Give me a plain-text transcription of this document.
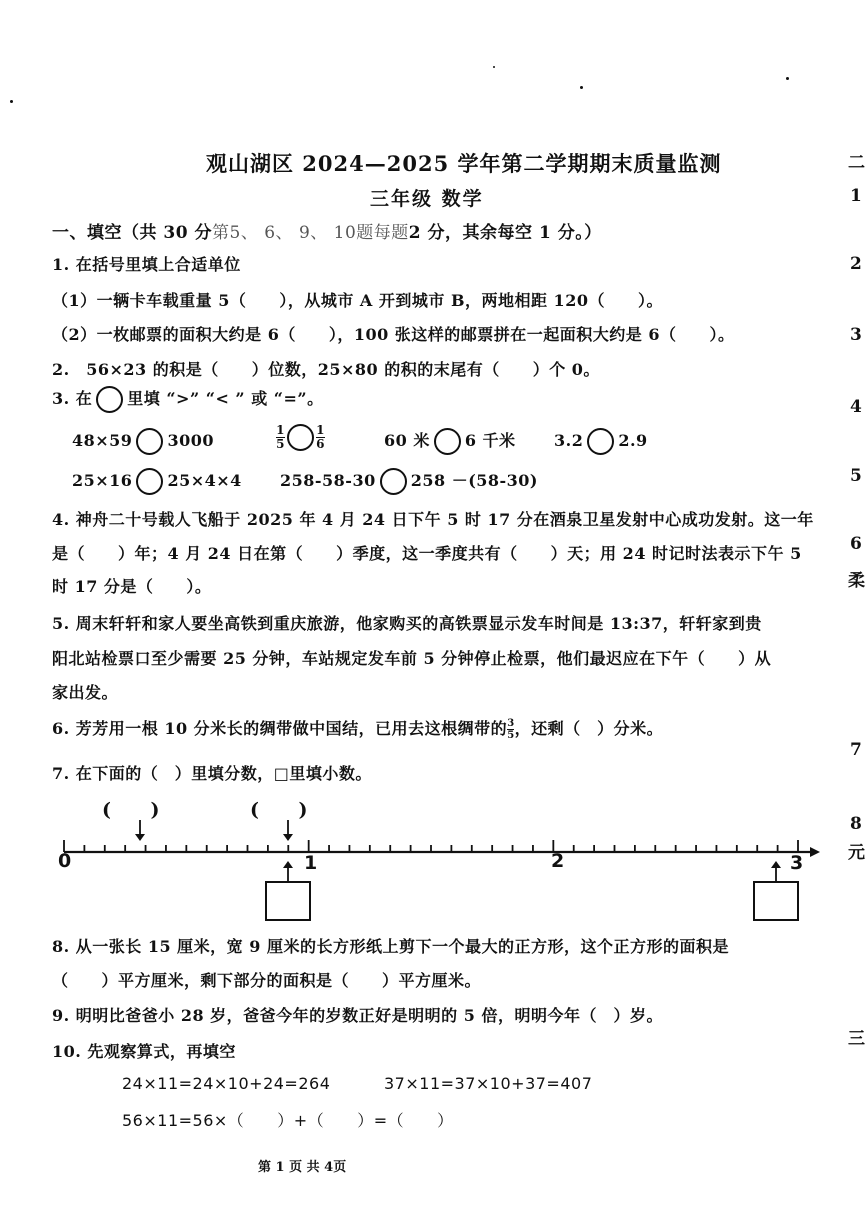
二
1
2
3
4
5
6
柔
7
8
元
三
观山湖区 2024—2025 学年第二学期期末质量监测
三年级 数学
一、填空（共 30 分第5、 6、 9、 10题每题2 分，其余每空 1 分。）
1. 在括号里填上合适单位
（1）一辆卡车载重量 5（　　），从城市 A 开到城市 B，两地相距 120（　　）。
（2）一枚邮票的面积大约是 6（　　），100 张这样的邮票拼在一起面积大约是 6（　　）。
2.　56×23 的积是（　　）位数，25×80 的积的末尾有（　　）个 0。
3. 在 里填 “>” “< ” 或 “=”。
48×59 3000	$\frac{1}{5}$	$\frac{1}{6}$	60 米 6 千米 3.2 2.9
25×16 25×4×4 258-58-30 258 －(58-30)
4. 神舟二十号载人飞船于 2025 年 4 月 24 日下午 5 时 17 分在酒泉卫星发射中心成功发射。这一年
是（　　）年；4 月 24 日在第（　　）季度，这一季度共有（　　）天；用 24 时记时法表示下午 5
时 17 分是（　　）。
5. 周末轩轩和家人要坐高铁到重庆旅游，他家购买的高铁票显示发车时间是 13:37，轩轩家到贵
阳北站检票口至少需要 25 分钟，车站规定发车前 5 分钟停止检票，他们最迟应在下午（　　）从
家出发。
6. 芳芳用一根 10 分米长的绸带做中国结，已用去这根绸带的 $\frac{3}{5}$ ，还剩（　）分米。
7. 在下面的（　）里填分数，□里填小数。
(　　)	(　　)
0	1	2	3
8. 从一张长 15 厘米，宽 9 厘米的长方形纸上剪下一个最大的正方形，这个正方形的面积是
（　　）平方厘米，剩下部分的面积是（　　）平方厘米。
9. 明明比爸爸小 28 岁，爸爸今年的岁数正好是明明的 5 倍，明明今年（　）岁。
10. 先观察算式，再填空
24×11=24×10+24=264	37×11=37×10+37=407
56×11=56×（　　）+（　　）=（　　）
第 1 页 共 4页
